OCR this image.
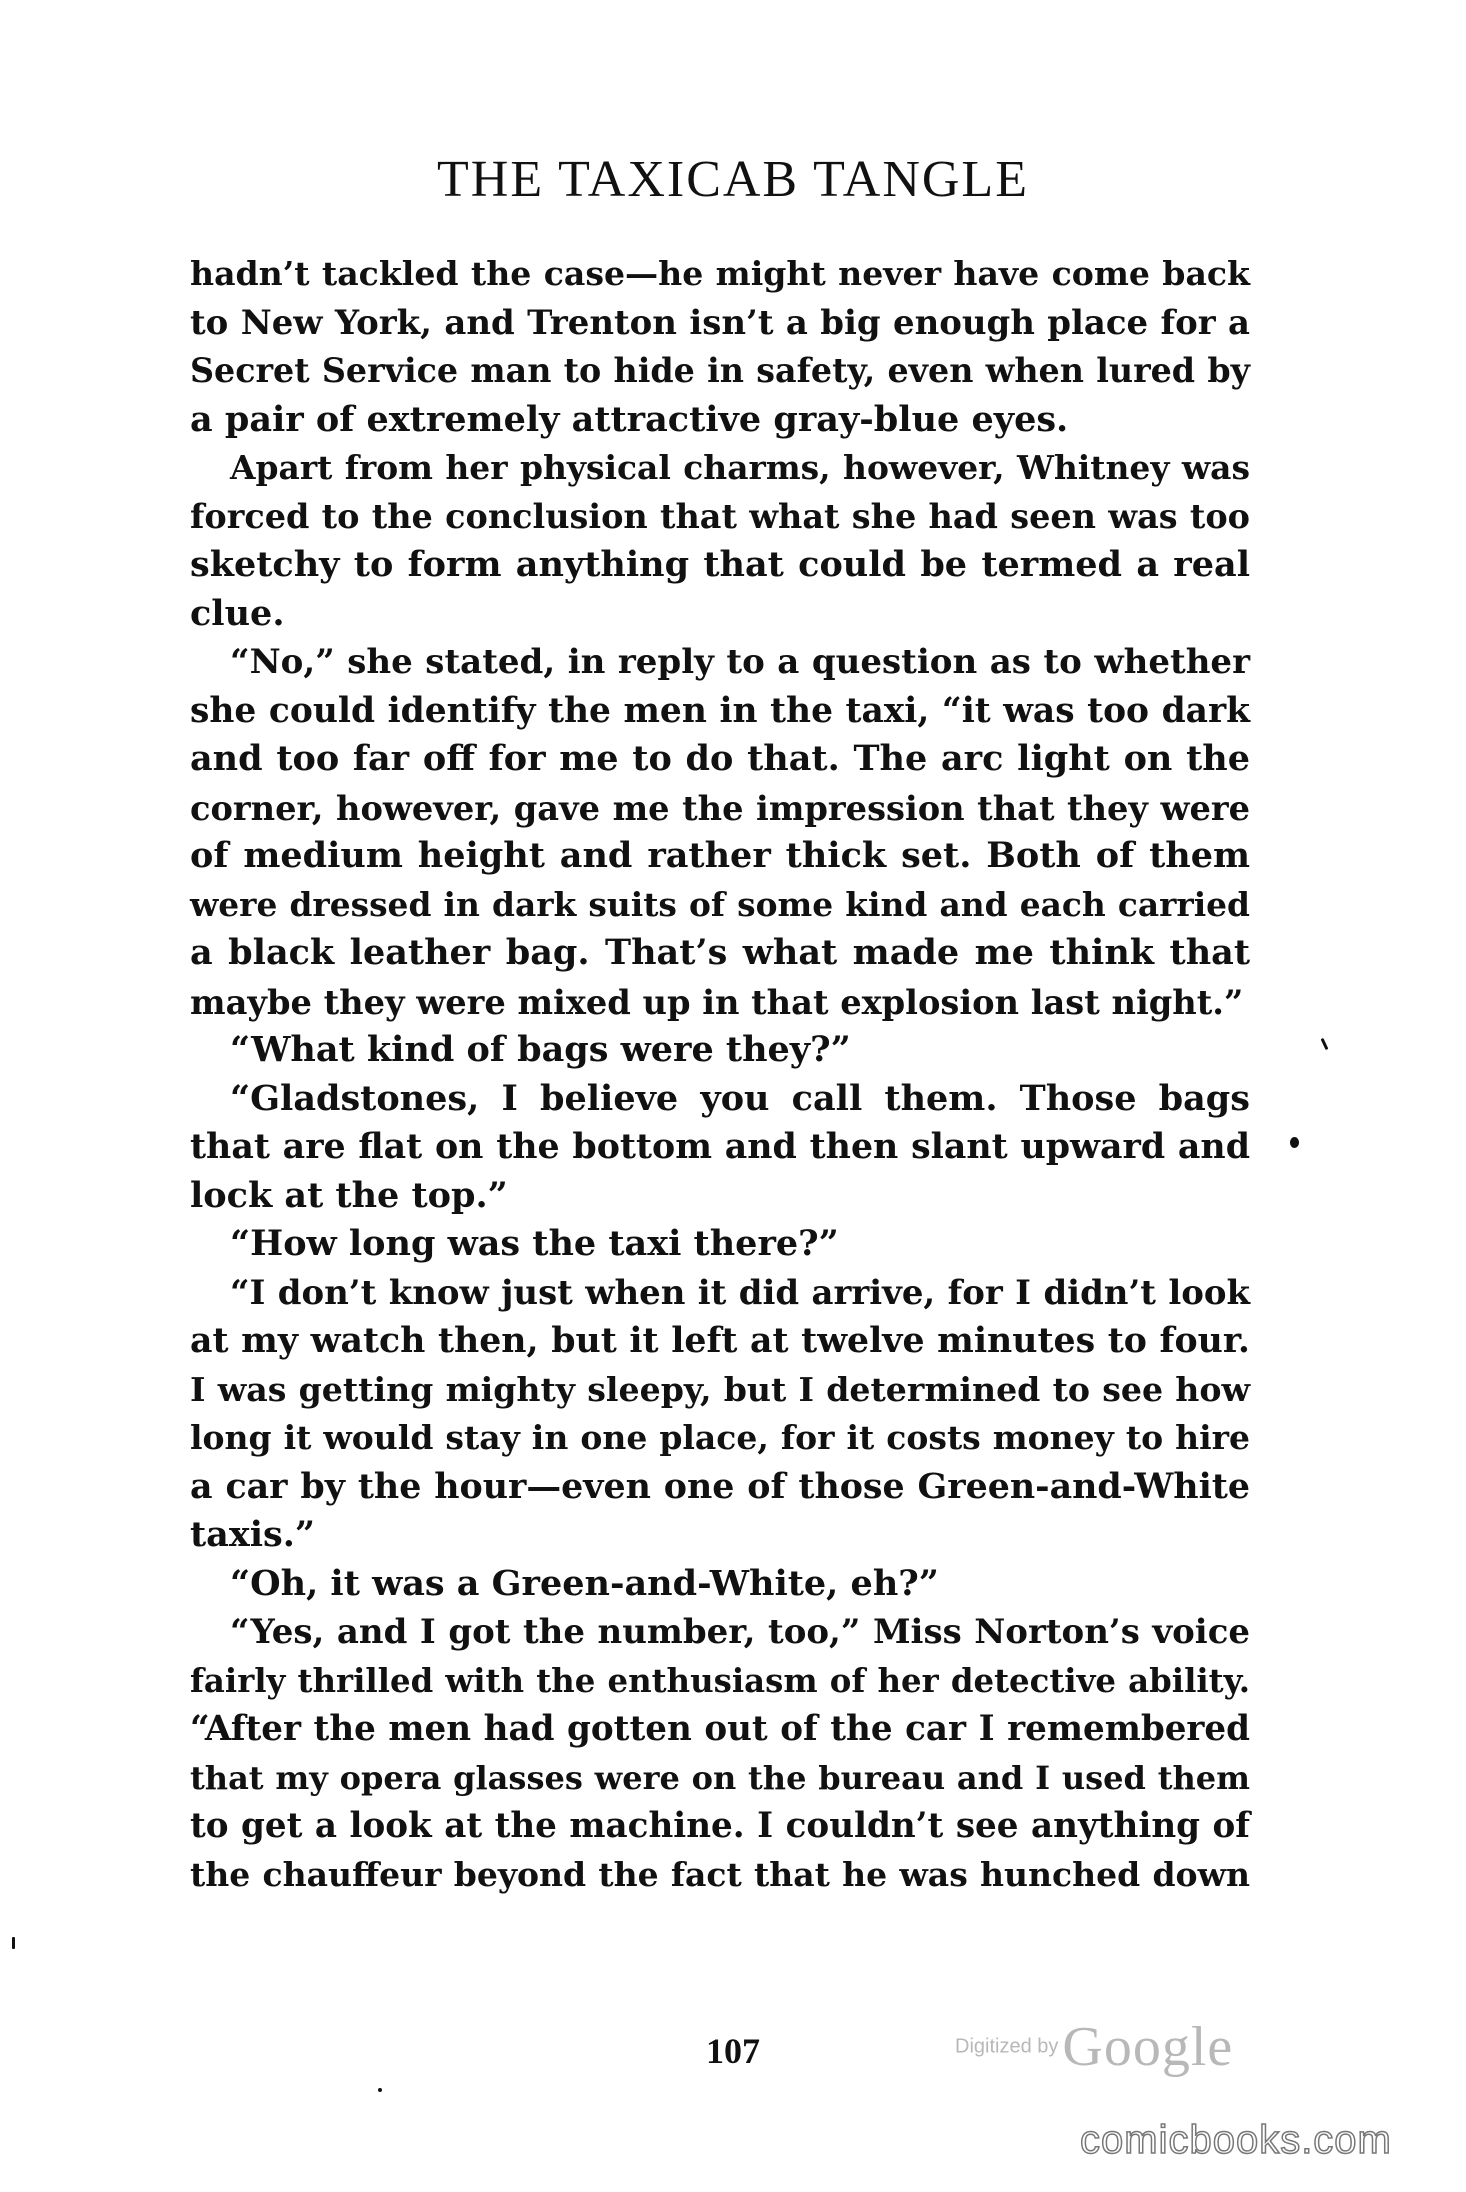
THE TAXICAB TANGLE
hadn’t tackled the case—he might never have come back
to New York, and Trenton isn’t a big enough place for a
Secret Service man to hide in safety, even when lured by
a pair of extremely attractive gray-blue eyes.
Apart from her physical charms, however, Whitney was
forced to the conclusion that what she had seen was too
sketchy to form anything that could be termed a real
clue.
“No,” she stated, in reply to a question as to whether
she could identify the men in the taxi, “it was too dark
and too far off for me to do that. The arc light on the
corner, however, gave me the impression that they were
of medium height and rather thick set. Both of them
were dressed in dark suits of some kind and each carried
a black leather bag. That’s what made me think that
maybe they were mixed up in that explosion last night.”
“What kind of bags were they?”
“Gladstones, I believe you call them. Those bags
that are flat on the bottom and then slant upward and
lock at the top.”
“How long was the taxi there?”
“I don’t know just when it did arrive, for I didn’t look
at my watch then, but it left at twelve minutes to four.
I was getting mighty sleepy, but I determined to see how
long it would stay in one place, for it costs money to hire
a car by the hour—even one of those Green-and-White
taxis.”
“Oh, it was a Green-and-White, eh?”
“Yes, and I got the number, too,” Miss Norton’s voice
fairly thrilled with the enthusiasm of her detective ability.
“After the men had gotten out of the car I remembered
that my opera glasses were on the bureau and I used them
to get a look at the machine. I couldn’t see anything of
the chauffeur beyond the fact that he was hunched down
107	Digitized by Google
comicbooks.com
